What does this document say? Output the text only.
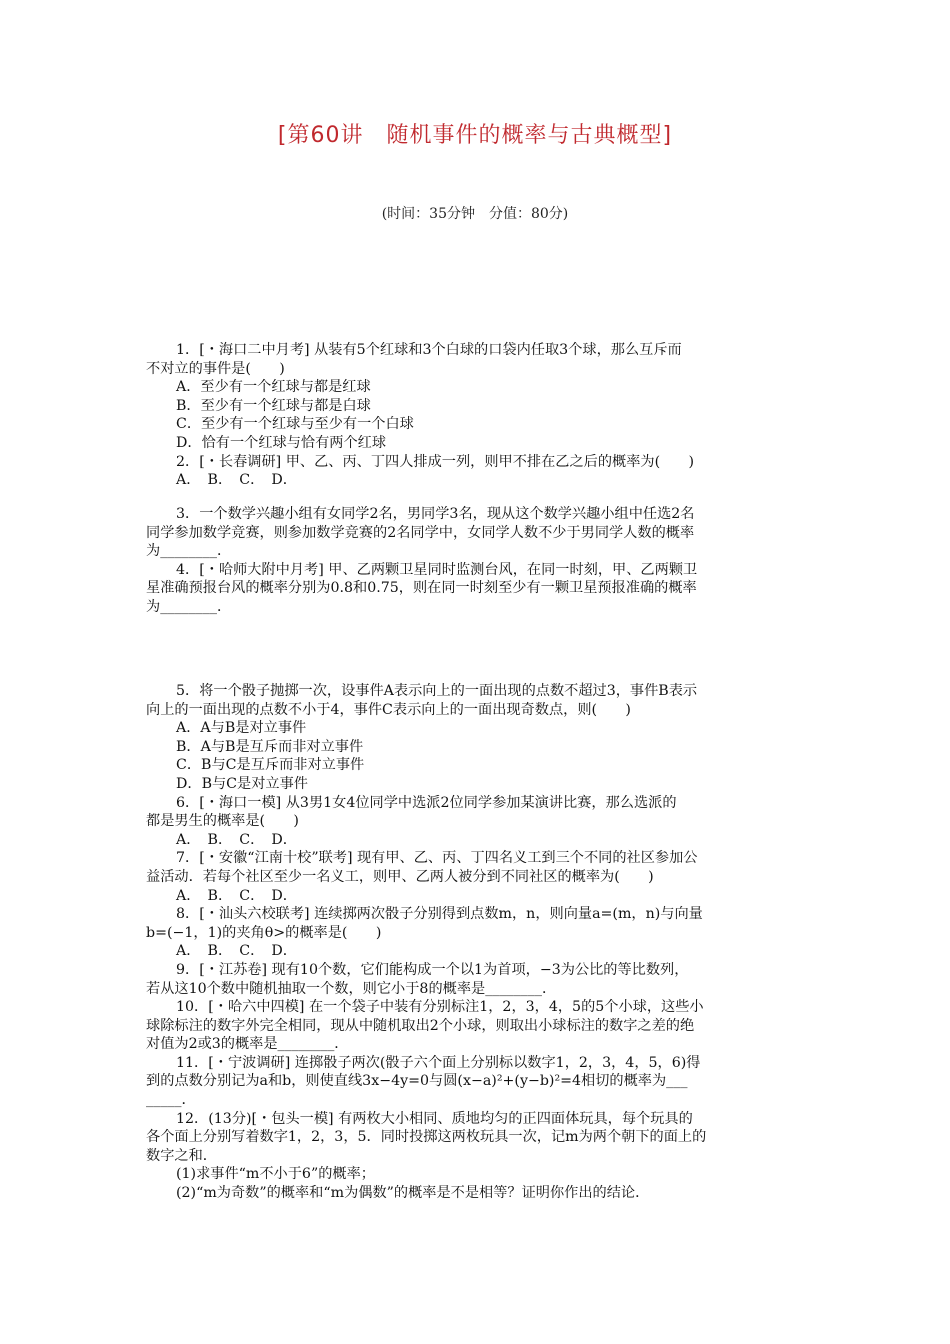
[第60讲　随机事件的概率与古典概型]
(时间：35分钟　分值：80分)

1．[・海口二中月考] 从装有5个红球和3个白球的口袋内任取3个球，那么互斥而

不对立的事件是(　　)

A．至少有一个红球与都是红球

B．至少有一个红球与都是白球

C．至少有一个红球与至少有一个白球

D．恰有一个红球与恰有两个红球

2．[・长春调研] 甲、乙、丙、丁四人排成一列，则甲不排在乙之后的概率为(　　)

A．　B．　C．　D．

3．一个数学兴趣小组有女同学2名，男同学3名，现从这个数学兴趣小组中任选2名

同学参加数学竞赛，则参加数学竞赛的2名同学中，女同学人数不少于男同学人数的概率

为________．

4．[・哈师大附中月考] 甲、乙两颗卫星同时监测台风，在同一时刻，甲、乙两颗卫

星准确预报台风的概率分别为0.8和0.75，则在同一时刻至少有一颗卫星预报准确的概率

为________．

5．将一个骰子抛掷一次，设事件A表示向上的一面出现的点数不超过3，事件B表示

向上的一面出现的点数不小于4，事件C表示向上的一面出现奇数点，则(　　)

A．A与B是对立事件

B．A与B是互斥而非对立事件

C．B与C是互斥而非对立事件

D．B与C是对立事件

6．[・海口一模] 从3男1女4位同学中选派2位同学参加某演讲比赛，那么选派的

都是男生的概率是(　　)

A．　B．　C．　D．

7．[・安徽“江南十校”联考] 现有甲、乙、丙、丁四名义工到三个不同的社区参加公

益活动．若每个社区至少一名义工，则甲、乙两人被分到不同社区的概率为(　　)

A．　B．　C．　D．

8．[・汕头六校联考] 连续掷两次骰子分别得到点数m，n，则向量a=(m，n)与向量

b=(−1，1)的夹角θ>的概率是(　　)

A．　B．　C．　D．

9．[・江苏卷] 现有10个数，它们能构成一个以1为首项，−3为公比的等比数列，

若从这10个数中随机抽取一个数，则它小于8的概率是________．

10．[・哈六中四模] 在一个袋子中装有分别标注1，2，3，4，5的5个小球，这些小

球除标注的数字外完全相同，现从中随机取出2个小球，则取出小球标注的数字之差的绝

对值为2或3的概率是________．

11．[・宁波调研] 连掷骰子两次(骰子六个面上分别标以数字1，2，3，4，5，6)得

到的点数分别记为a和b，则使直线3x−4y=0与圆(x−a)²+(y−b)²=4相切的概率为___

_____．

12．(13分)[・包头一模] 有两枚大小相同、质地均匀的正四面体玩具，每个玩具的

各个面上分别写着数字1，2，3，5．同时投掷这两枚玩具一次，记m为两个朝下的面上的

数字之和．

(1)求事件“m不小于6”的概率；

(2)“m为奇数”的概率和“m为偶数”的概率是不是相等？证明你作出的结论．
